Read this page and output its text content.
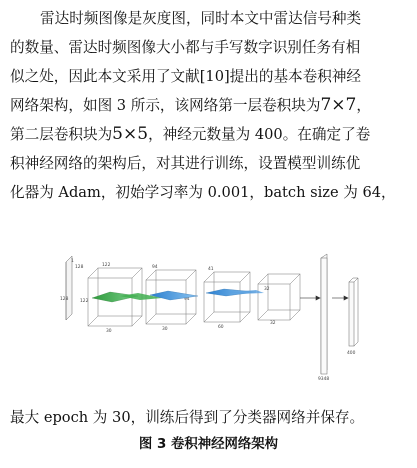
雷达时频图像是灰度图，同时本文中雷达信号种类
的数量、雷达时频图像大小都与手写数字识别任务有相
似之处，因此本文采用了文献[10]提出的基本卷积神经
网络架构，如图 3 所示，该网络第一层卷积块为7×7，
第二层卷积块为5×5，神经元数量为 400。在确定了卷
积神经网络的架构后，对其进行训练，设置模型训练优
化器为 Adam，初始学习率为 0.001，batch size 为 64，
1
128
128
122
122
30
94
94
30
41
60
32
32
9348
400

最大 epoch 为 30，训练后得到了分类器网络并保存。

图 3 卷积神经网络架构
